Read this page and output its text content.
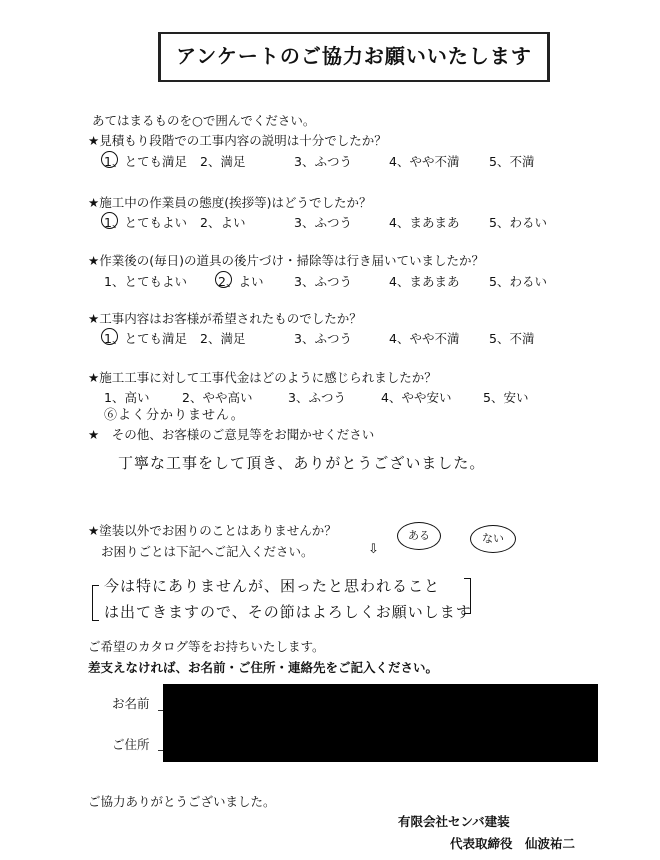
アンケートのご協力お願いいたします
あてはまるものを○で囲んでください。
★見積もり段階での工事内容の説明は十分でしたか？
1、とても満足 2、満足	3、ふつう	4、やや不満 5、不満
★施工中の作業員の態度(挨拶等)はどうでしたか？
1、とてもよい 2、よい	3、ふつう	4、まあまあ 5、わるい
★作業後の(毎日)の道具の後片づけ・掃除等は行き届いていましたか？
1、とてもよい 2、よい 3、ふつう	4、まあまあ 5、わるい
★工事内容はお客様が希望されたものでしたか？
1、とても満足 2、満足	3、ふつう	4、やや不満 5、不満
★施工工事に対して工事代金はどのように感じられましたか？
1、高い	2、やや高い	3、ふつう	4、やや安い	5、安い
⑥よく分かりません。
★　その他、お客様のご意見等をお聞かせください
丁寧な工事をして頂き、ありがとうございました。
★塗装以外でお困りのことはありませんか？
お困りごとは下記へご記入ください。	⇩
ある	ない
今は特にありませんが、困ったと思われること
は出てきますので、その節はよろしくお願いします
ご希望のカタログ等をお持ちいたします。
差支えなければ、お名前・ご住所・連絡先をご記入ください。
お名前
ご住所
ご協力ありがとうございました。
有限会社センバ建装
代表取締役　仙波祐二
